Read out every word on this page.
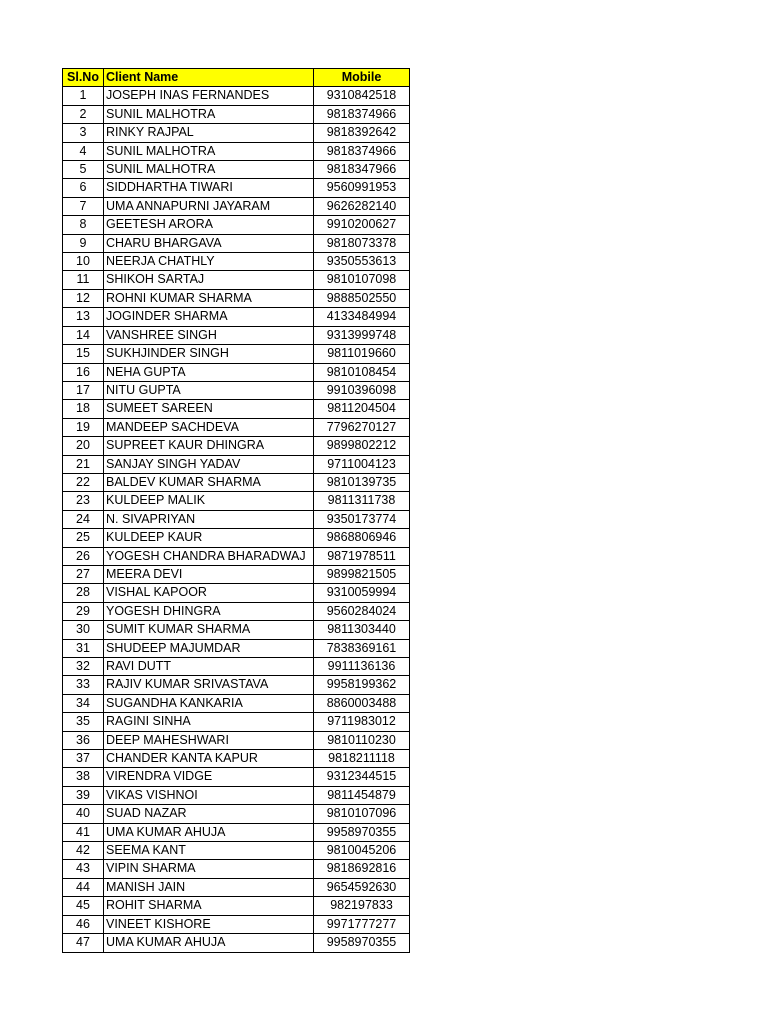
Sl.No	Client Name	Mobile
1	JOSEPH INAS FERNANDES	9310842518
2	SUNIL MALHOTRA	9818374966
3	RINKY RAJPAL	9818392642
4	SUNIL MALHOTRA	9818374966
5	SUNIL MALHOTRA	9818347966
6	SIDDHARTHA TIWARI	9560991953
7	UMA ANNAPURNI JAYARAM	9626282140
8	GEETESH ARORA	9910200627
9	CHARU BHARGAVA	9818073378
10	NEERJA CHATHLY	9350553613
11	SHIKOH SARTAJ	9810107098
12	ROHNI KUMAR SHARMA	9888502550
13	JOGINDER SHARMA	4133484994
14	VANSHREE SINGH	9313999748
15	SUKHJINDER SINGH	9811019660
16	NEHA GUPTA	9810108454
17	NITU GUPTA	9910396098
18	SUMEET SAREEN	9811204504
19	MANDEEP SACHDEVA	7796270127
20	SUPREET KAUR DHINGRA	9899802212
21	SANJAY SINGH YADAV	9711004123
22	BALDEV KUMAR SHARMA	9810139735
23	KULDEEP MALIK	9811311738
24	N. SIVAPRIYAN	9350173774
25	KULDEEP KAUR	9868806946
26	YOGESH CHANDRA BHARADWAJ	9871978511
27	MEERA DEVI	9899821505
28	VISHAL KAPOOR	9310059994
29	YOGESH DHINGRA	9560284024
30	SUMIT KUMAR SHARMA	9811303440
31	SHUDEEP MAJUMDAR	7838369161
32	RAVI DUTT	9911136136
33	RAJIV KUMAR SRIVASTAVA	9958199362
34	SUGANDHA KANKARIA	8860003488
35	RAGINI SINHA	9711983012
36	DEEP MAHESHWARI	9810110230
37	CHANDER KANTA KAPUR	9818211118
38	VIRENDRA VIDGE	9312344515
39	VIKAS VISHNOI	9811454879
40	SUAD NAZAR	9810107096
41	UMA KUMAR AHUJA	9958970355
42	SEEMA KANT	9810045206
43	VIPIN SHARMA	9818692816
44	MANISH JAIN	9654592630
45	ROHIT SHARMA	982197833
46	VINEET KISHORE	9971777277
47	UMA KUMAR AHUJA	9958970355
